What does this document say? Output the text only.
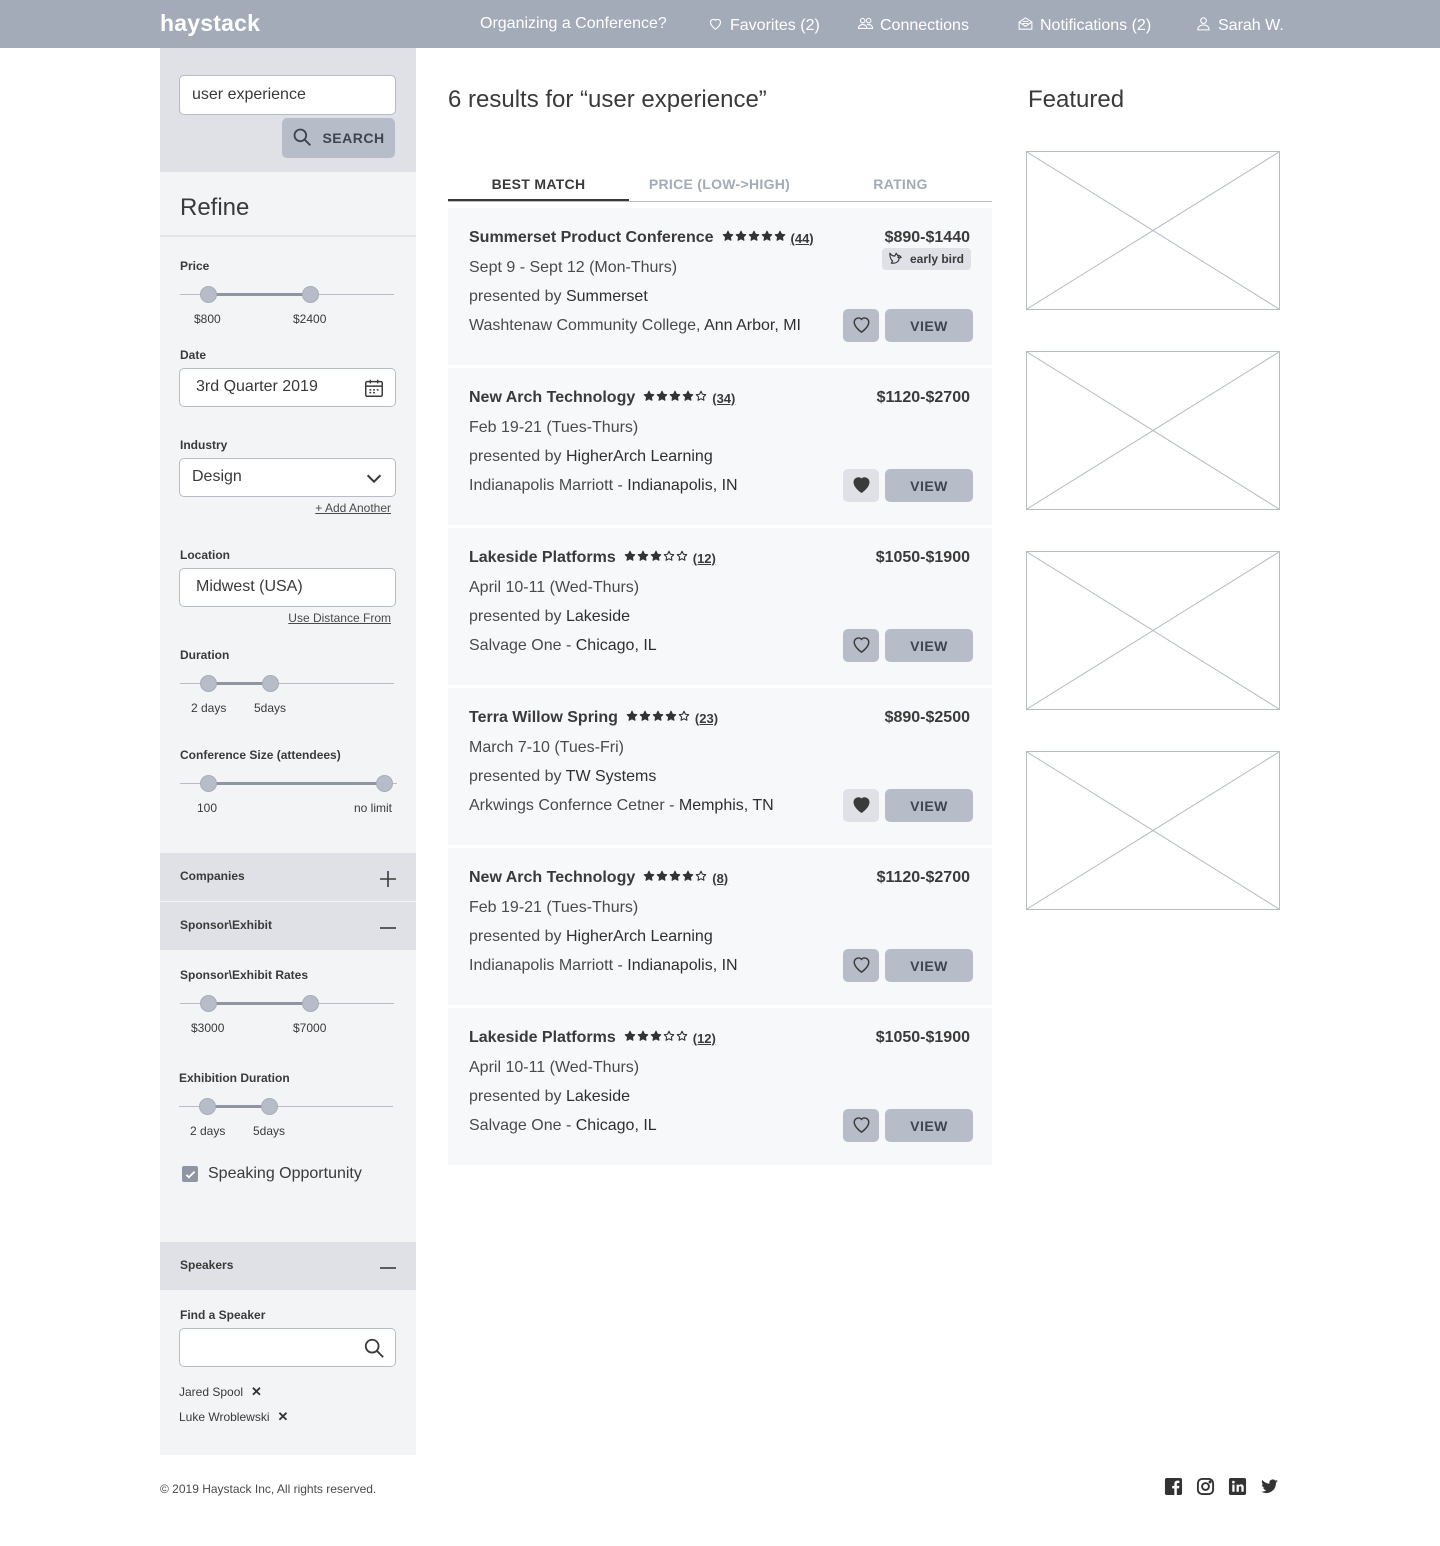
haystack	Organizing a Conference?	Favorites (2)	Connections	Notifications (2)	Sarah W.
user experience
SEARCH
Refine
Price
$800	$2400
Date
3rd Quarter 2019
Industry
Design
+ Add Another
Location
Midwest (USA)
Use Distance From
Duration
2 days 5days
Conference Size (attendees)
100	no limit
Companies
Sponsor\Exhibit
Sponsor\Exhibit Rates
$3000	$7000
Exhibition Duration
2 days 5days
Speaking Opportunity
Speakers
Find a Speaker
Jared Spool ✕
Luke Wroblewski ✕
6 results for “user experience”
BEST MATCH	PRICE (LOW->HIGH)	RATING
Summerset Product Conference	(44)
Sept 9 - Sept 12 (Mon-Thurs)
presented by Summerset
Washtenaw Community College, Ann Arbor, MI
$890-$1440
early bird
VIEW
New Arch Technology	(34)
Feb 19-21 (Tues-Thurs)
presented by HigherArch Learning
Indianapolis Marriott - Indianapolis, IN
$1120-$2700
VIEW
Lakeside Platforms	(12)
April 10-11 (Wed-Thurs)
presented by Lakeside
Salvage One - Chicago, IL
$1050-$1900
VIEW
Terra Willow Spring	(23)
March 7-10 (Tues-Fri)
presented by TW Systems
Arkwings Confernce Cetner - Memphis, TN
$890-$2500
VIEW
New Arch Technology	(8)
Feb 19-21 (Tues-Thurs)
presented by HigherArch Learning
Indianapolis Marriott - Indianapolis, IN
$1120-$2700
VIEW
Lakeside Platforms	(12)
April 10-11 (Wed-Thurs)
presented by Lakeside
Salvage One - Chicago, IL
$1050-$1900
VIEW
Featured
© 2019 Haystack Inc, All rights reserved.
